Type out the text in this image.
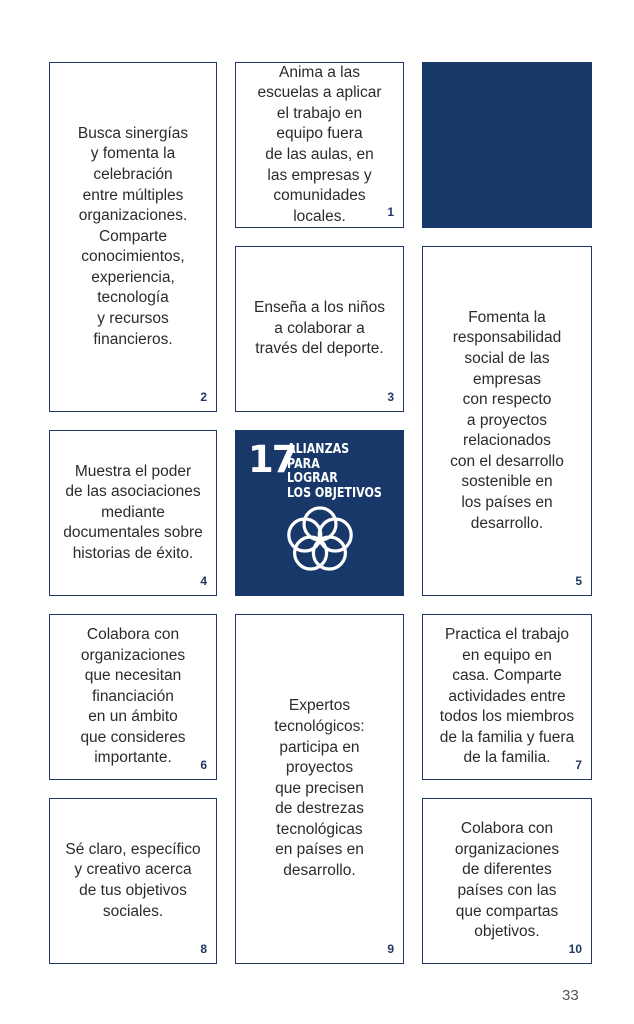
Anima a las
escuelas a aplicar
el trabajo en
equipo fuera
de las aulas, en
las empresas y
comunidades
locales.	1
Busca sinergías
y fomenta la
celebración
entre múltiples
organizaciones.
Comparte
conocimientos,
experiencia,
tecnología
y recursos
financieros.
2
Enseña a los niños
a colaborar a
través del deporte.
3
Fomenta la
responsabilidad
social de las
empresas
con respecto
a proyectos
relacionados
con el desarrollo
sostenible en
los países en
desarrollo.
5
Muestra el poder
de las asociaciones
mediante
documentales sobre
historias de éxito.
4
17
ALIANZAS PARA
LOGRAR
LOS OBJETIVOS
Colabora con
organizaciones
que necesitan
financiación
en un ámbito
que consideres
importante.	6
Expertos
tecnológicos:
participa en
proyectos
que precisen
de destrezas
tecnológicas
en países en
desarrollo.
9
Practica el trabajo
en equipo en
casa. Comparte
actividades entre
todos los miembros
de la familia y fuera
de la familia.	7
Sé claro, específico
y creativo acerca
de tus objetivos
sociales.
8
Colabora con
organizaciones
de diferentes
países con las
que compartas
objetivos.
10
33
